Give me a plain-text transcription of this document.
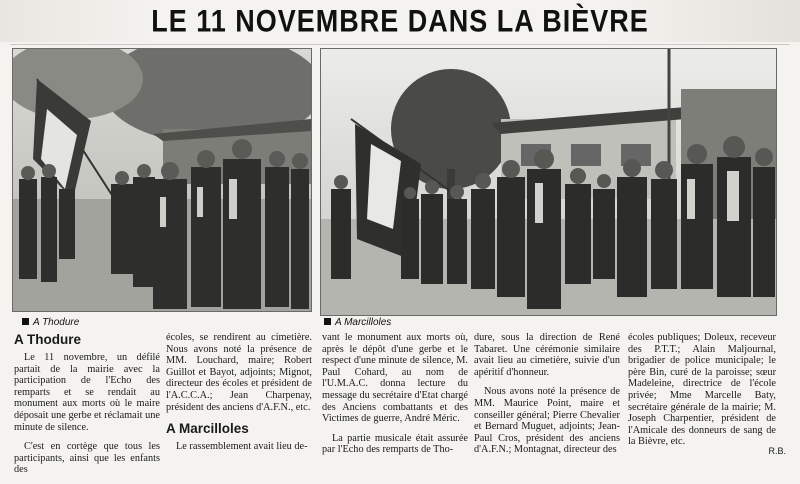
LE 11 NOVEMBRE DANS LA BIÈVRE
A Thodure	A Marcilloles
A Thodure

Le 11 novembre, un défilé partait de la mairie avec la participation de l'Echo des remparts et se rendait au monument aux morts où le maire déposait une gerbe et réclamait une minute de silence.

C'est en cortège que tous les participants, ainsi que les enfants des

écoles, se rendirent au cimetière. Nous avons noté la présence de MM. Louchard, maire; Robert Guillot et Bayot, adjoints; Mignot, directeur des écoles et président de l'A.C.C.A.; Jean Charpenay, président des anciens d'A.F.N., etc.

A Marcilloles

Le rassemblement avait lieu de-

vant le monument aux morts où, après le dépôt d'une gerbe et le respect d'une minute de silence, M. Paul Cohard, au nom de l'U.M.A.C. donna lecture du message du secrétaire d'Etat chargé des Anciens combattants et des Victimes de guerre, André Méric.

La partie musicale était assurée par l'Echo des remparts de Tho-

dure, sous la direction de René Tabaret. Une cérémonie similaire avait lieu au cimetière, suivie d'un apéritif d'honneur.

Nous avons noté la présence de MM. Maurice Point, maire et conseiller général; Pierre Chevalier et Bernard Muguet, adjoints; Jean-Paul Cros, président des anciens d'A.F.N.; Montagnat, directeur des

écoles publiques; Doleux, receveur des P.T.T.; Alain Maljournal, brigadier de police municipale; le père Bin, curé de la paroisse; sœur Madeleine, directrice de l'école privée; Mme Marcelle Baty, secrétaire générale de la mairie; M. Joseph Charpentier, président de l'Amicale des donneurs de sang de la Bièvre, etc.

R.B.
